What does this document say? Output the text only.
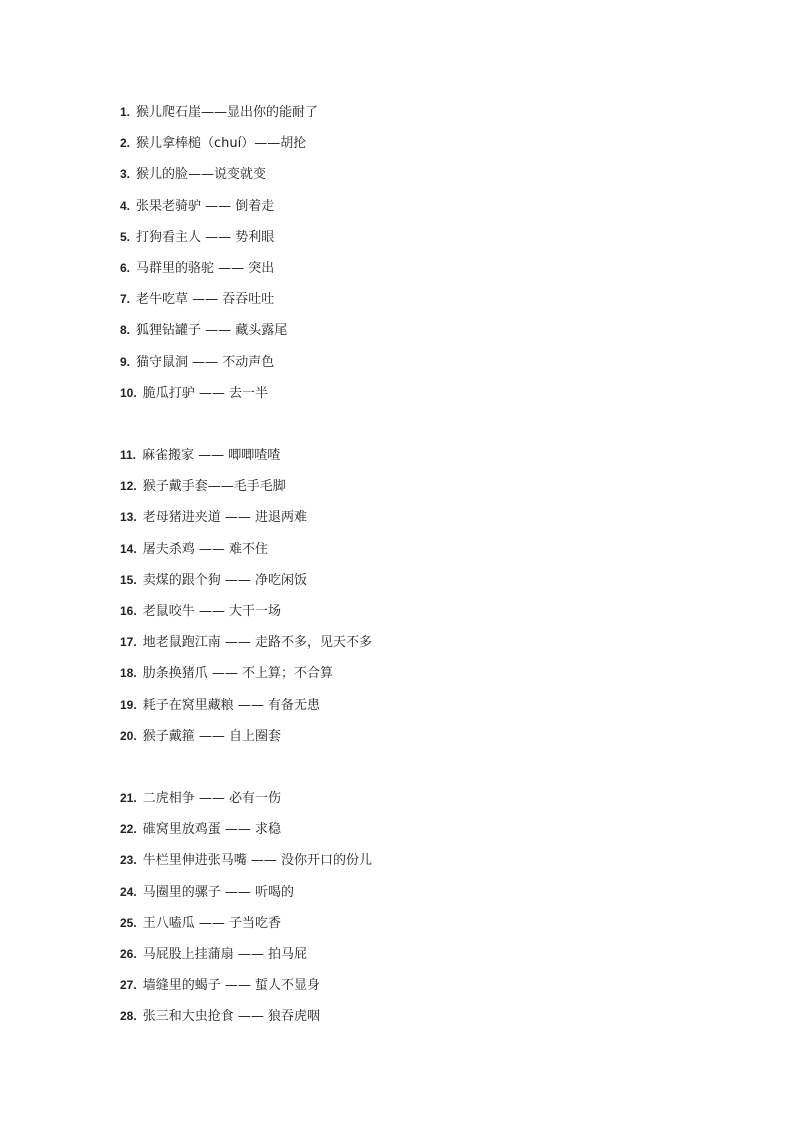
1. 猴儿爬石崖——显出你的能耐了
2. 猴儿拿棒槌（chuí）——胡抡
3. 猴儿的脸——说变就变
4. 张果老骑驴 —— 倒着走
5. 打狗看主人 —— 势利眼
6. 马群里的骆驼 —— 突出
7. 老牛吃草 —— 吞吞吐吐
8. 狐狸钻罐子 —— 藏头露尾
9. 猫守鼠洞 —— 不动声色
10. 脆瓜打驴 —— 去一半
11. 麻雀搬家 —— 唧唧喳喳
12. 猴子戴手套——毛手毛脚
13. 老母猪进夹道 —— 进退两难
14. 屠夫杀鸡 —— 难不住
15. 卖煤的跟个狗 —— 净吃闲饭
16. 老鼠咬牛 —— 大干一场
17. 地老鼠跑江南 —— 走路不多，见天不多
18. 肋条换猪爪 —— 不上算；不合算
19. 耗子在窝里藏粮 —— 有备无患
20. 猴子戴箍 —— 自上圈套
21. 二虎相争 —— 必有一伤
22. 碓窝里放鸡蛋 —— 求稳
23. 牛栏里伸进张马嘴 —— 没你开口的份儿
24. 马圈里的骡子 —— 听喝的
25. 王八嗑瓜 —— 子当吃香
26. 马屁股上挂蒲扇 —— 拍马屁
27. 墙缝里的蝎子 —— 蜇人不显身
28. 张三和大虫抢食 —— 狼吞虎咽
